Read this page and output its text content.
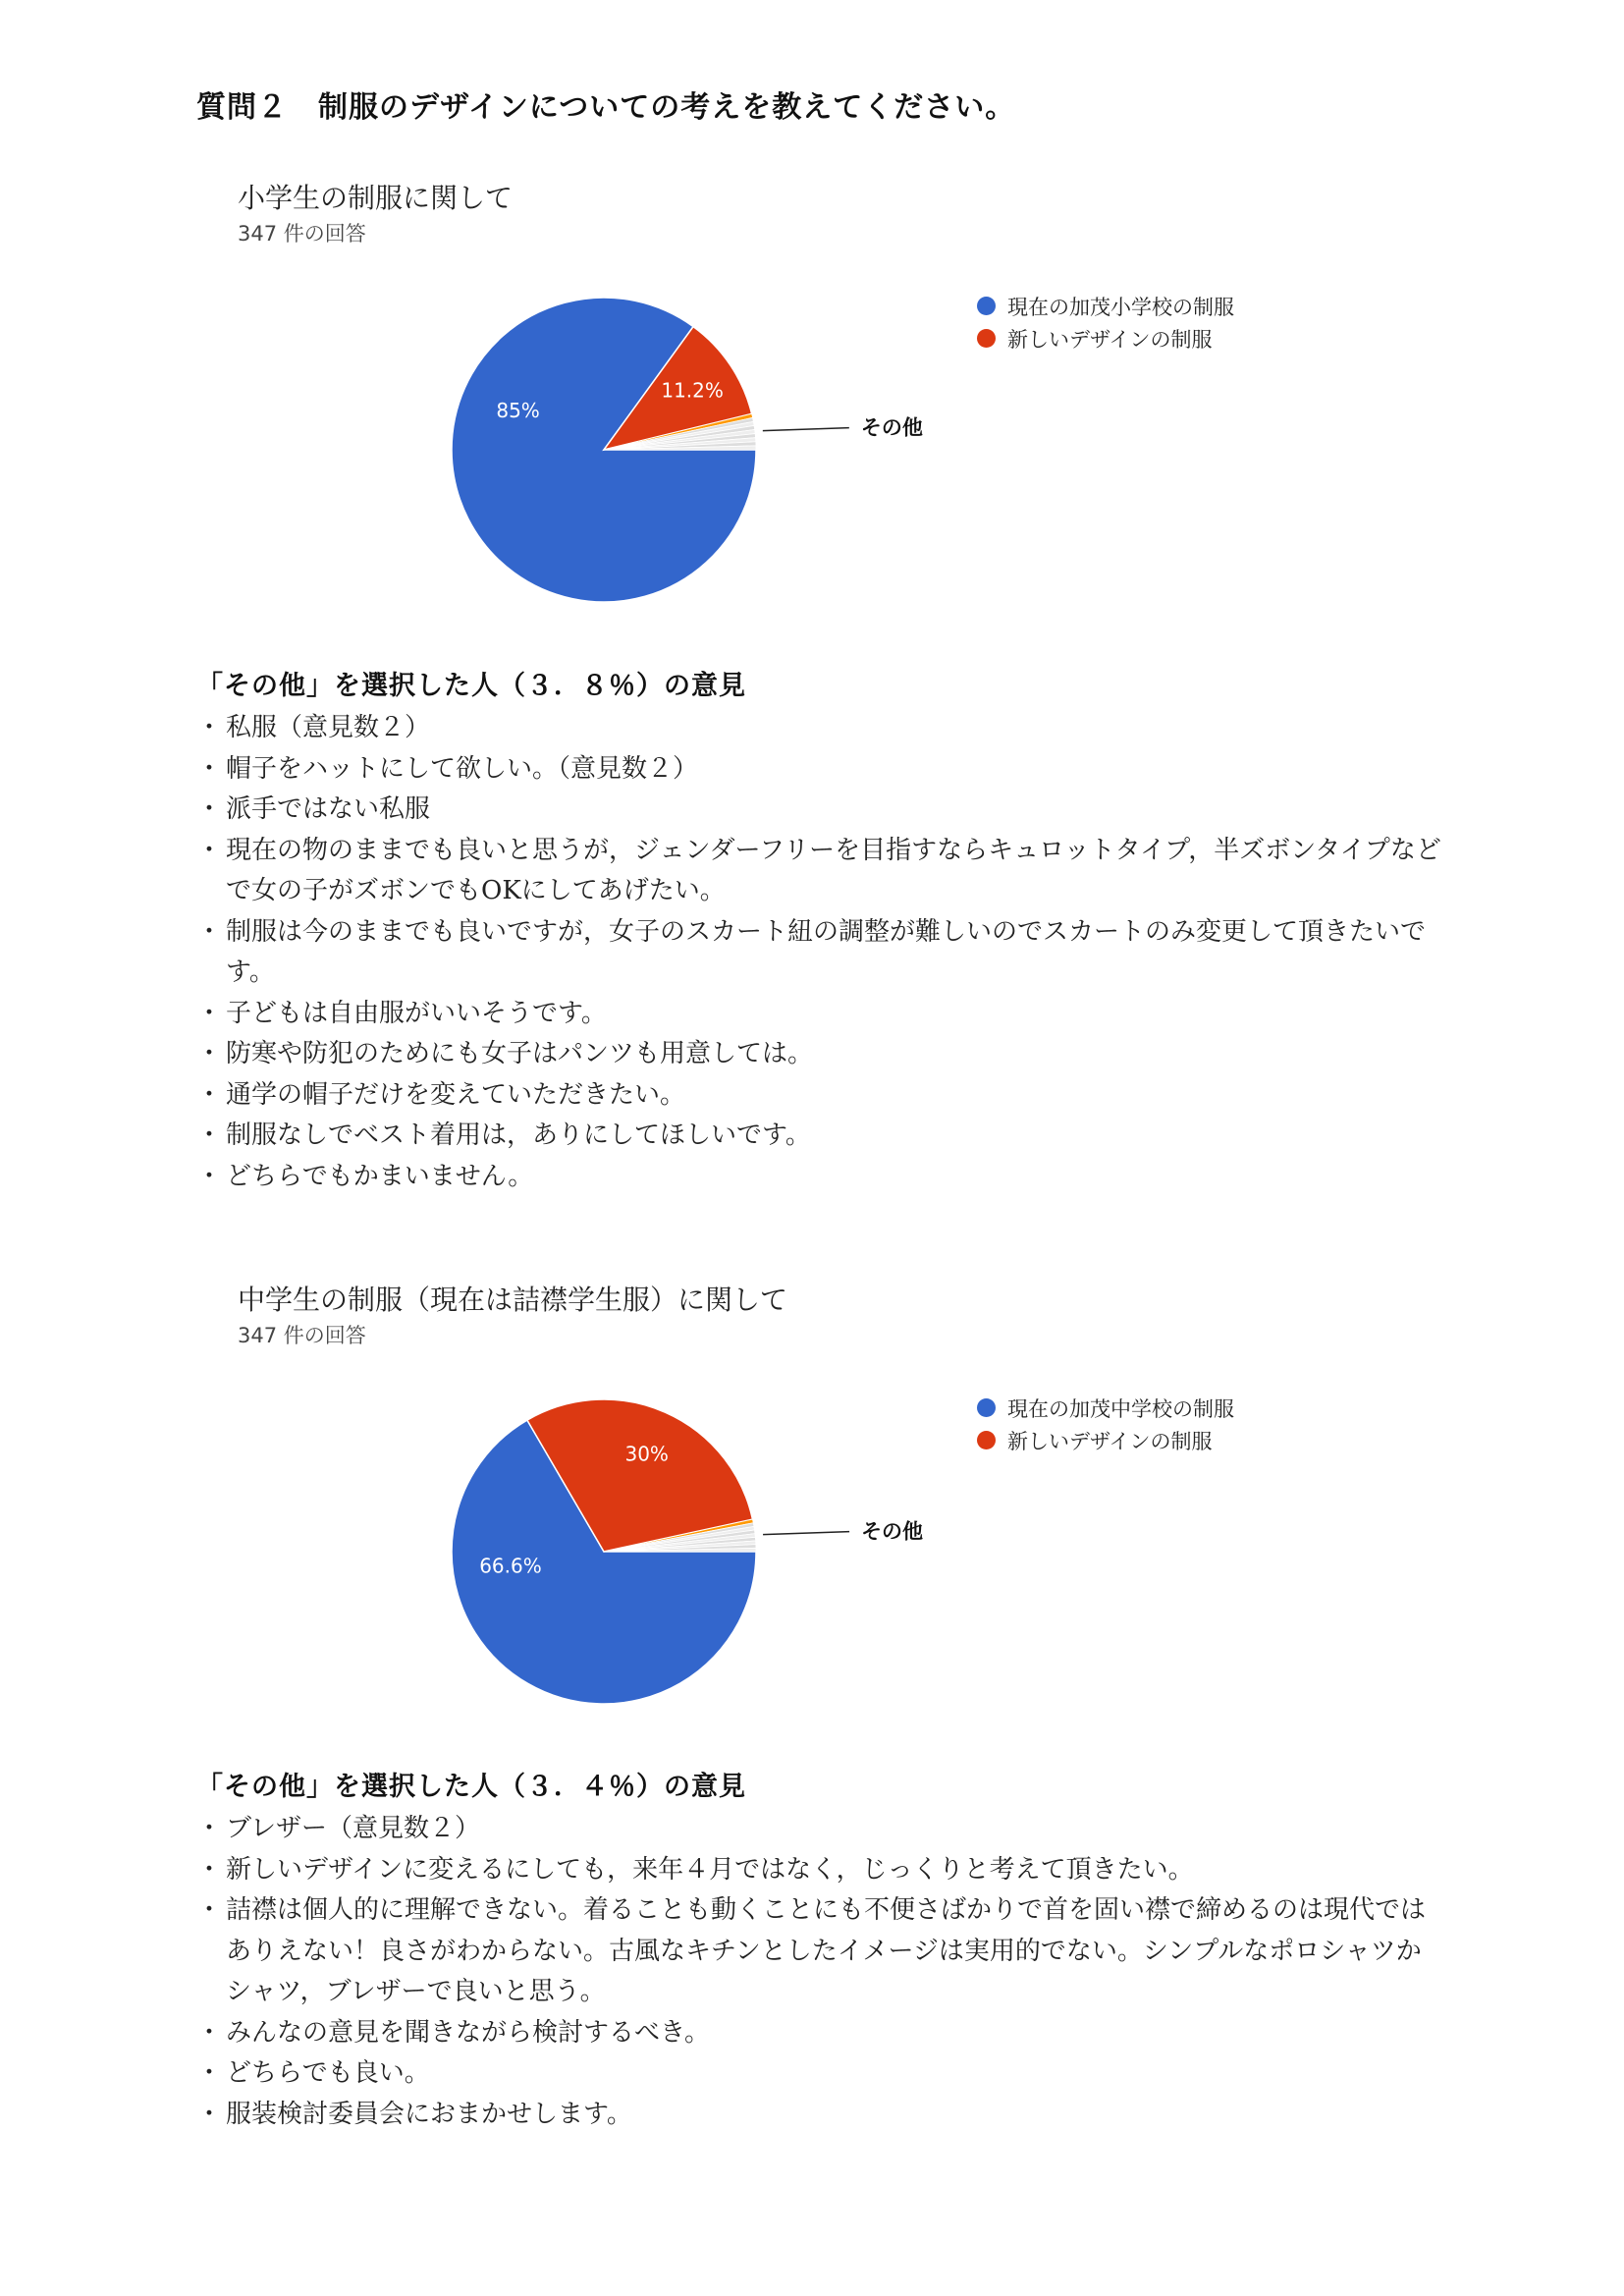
質問２　制服のデザインについての考えを教えてください。
小学生の制服に関して
347 件の回答
その他
85%
11.2%
現在の加茂小学校の制服
新しいデザインの制服
「その他」を選択した人（３．８％）の意見
・ 私服（意見数２）
・ 帽子をハットにして欲しい。（意見数２）
・ 派手ではない私服
・ 現在の物のままでも良いと思うが，ジェンダーフリーを目指すならキュロットタイプ，半ズボンタイプなどで女の子がズボンでもOKにしてあげたい。
・ 制服は今のままでも良いですが，女子のスカート紐の調整が難しいのでスカートのみ変更して頂きたいです。
・ 子どもは自由服がいいそうです。
・ 防寒や防犯のためにも女子はパンツも用意しては。
・ 通学の帽子だけを変えていただきたい。
・ 制服なしでベスト着用は，ありにしてほしいです。
・ どちらでもかまいません。
中学生の制服（現在は詰襟学生服）に関して
347 件の回答
その他
66.6%
30%
現在の加茂中学校の制服
新しいデザインの制服
「その他」を選択した人（３．４％）の意見
・ ブレザー（意見数２）
・ 新しいデザインに変えるにしても，来年４月ではなく，じっくりと考えて頂きたい。
・ 詰襟は個人的に理解できない。着ることも動くことにも不便さばかりで首を固い襟で締めるのは現代ではありえない！良さがわからない。古風なキチンとしたイメージは実用的でない。シンプルなポロシャツかシャツ，ブレザーで良いと思う。
・ みんなの意見を聞きながら検討するべき。
・ どちらでも良い。
・ 服装検討委員会におまかせします。
